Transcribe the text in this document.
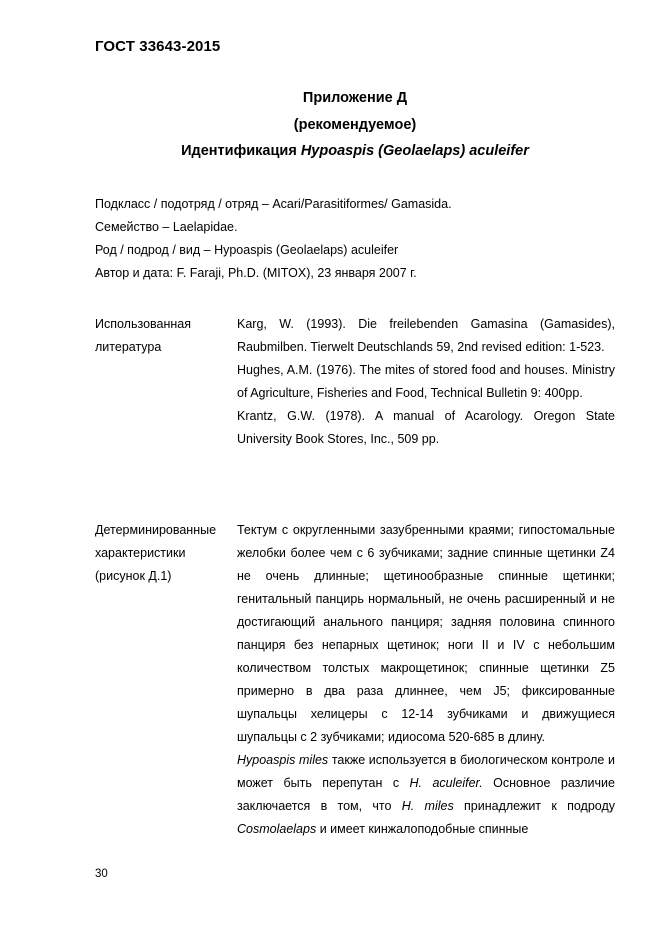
ГОСТ 33643-2015
Приложение Д
(рекомендуемое)
Идентификация Hypoaspis (Geolaelaps) aculeifer
Подкласс / подотряд / отряд – Acari/Parasitiformes/ Gamasida.
Семейство – Laelapidae.
Род / подрод / вид – Hypoaspis (Geolaelaps) aculeifer
Автор и дата: F. Faraji, Ph.D. (MITOX), 23 января 2007 г.
Использованная
литература

Karg, W. (1993). Die freilebenden Gamasina (Gamasides), Raubmilben. Tierwelt Deutschlands 59, 2nd revised edition: 1-523.

Hughes, A.M. (1976). The mites of stored food and houses. Ministry of Agriculture, Fisheries and Food, Technical Bulletin 9: 400pp.

Krantz, G.W. (1978). A manual of Acarology. Oregon State University Book Stores, Inc., 509 pp.

Детерминированные
характеристики
(рисунок Д.1)

Тектум с округленными зазубренными краями; гипостомальные желобки более чем с 6 зубчиками; задние спинные щетинки Z4 не очень длинные; щетинообразные спинные щетинки; генитальный панцирь нормальный, не очень расширенный и не достигающий анального панциря; задняя половина спинного панциря без непарных щетинок; ноги II и IV с небольшим количеством толстых макрощетинок; спинные щетинки Z5 примерно в два раза длиннее, чем J5; фиксированные шупальцы хелицеры с 12-14 зубчиками и движущиеся шупальцы с 2 зубчиками; идиосома 520-685 в длину.

Hypoaspis miles также используется в биологическом контроле и может быть перепутан с H. aculeifer. Основное различие заключается в том, что H. miles принадлежит к подроду Cosmolaelaps и имеет кинжалоподобные спинные

30
